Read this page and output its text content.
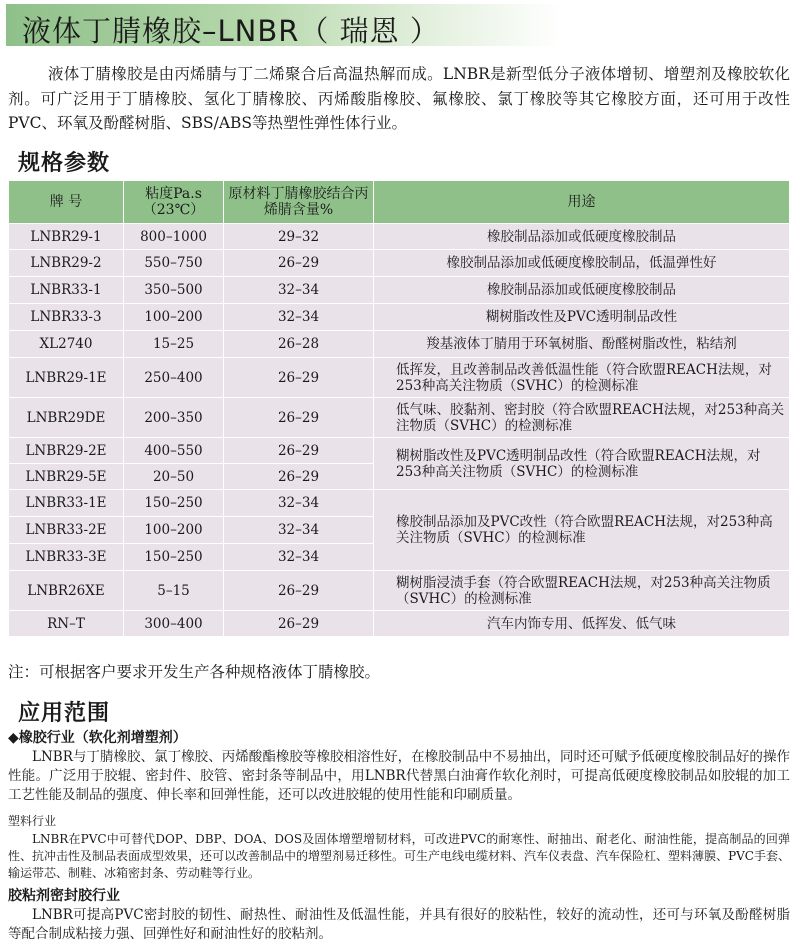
液体丁腈橡胶–LNBR（ 瑞恩 ）

液体丁腈橡胶是由丙烯腈与丁二烯聚合后高温热解而成。LNBR是新型低分子液体增韧、增塑剂及橡胶软化剂。可广泛用于丁腈橡胶、氢化丁腈橡胶、丙烯酸脂橡胶、氟橡胶、氯丁橡胶等其它橡胶方面，还可用于改性PVC、环氧及酚醛树脂、SBS/ABS等热塑性弹性体行业。

规格参数
牌 号	粘度Pa.s（23℃）	原材料丁腈橡胶结合丙烯腈含量%	用途
LNBR29-1	800–1000	29–32	橡胶制品添加或低硬度橡胶制品
LNBR29-2	550–750	26–29	橡胶制品添加或低硬度橡胶制品，低温弹性好
LNBR33-1	350–500	32–34	橡胶制品添加或低硬度橡胶制品
LNBR33-3	100–200	32–34	糊树脂改性及PVC透明制品改性
XL2740	15–25	26–28	羧基液体丁腈用于环氧树脂、酚醛树脂改性，粘结剂
LNBR29-1E	250–400	26–29	低挥发，且改善制品改善低温性能（符合欧盟REACH法规，对253种高关注物质（SVHC）的检测标准
LNBR29DE	200–350	26–29	低气味、胶黏剂、密封胶（符合欧盟REACH法规，对253种高关注物质（SVHC）的检测标准
LNBR29-2E	400–550	26–29	糊树脂改性及PVC透明制品改性（符合欧盟REACH法规，对253种高关注物质（SVHC）的检测标准
LNBR29-5E	20–50	26–29	
LNBR33-1E	150–250	32–34	橡胶制品添加及PVC改性（符合欧盟REACH法规，对253种高关注物质（SVHC）的检测标准
LNBR33-2E	100–200	32–34	
LNBR33-3E	150–250	32–34	
LNBR26XE	5–15	26–29	糊树脂浸渍手套（符合欧盟REACH法规，对253种高关注物质（SVHC）的检测标准
RN–T	300–400	26–29	汽车内饰专用、低挥发、低气味
注：可根据客户要求开发生产各种规格液体丁腈橡胶。
应用范围

◆橡胶行业（软化剂增塑剂）

LNBR与丁腈橡胶、氯丁橡胶、丙烯酸酯橡胶等橡胶相溶性好，在橡胶制品中不易抽出，同时还可赋予低硬度橡胶制品好的操作性能。广泛用于胶辊、密封件、胶管、密封条等制品中，用LNBR代替黑白油膏作软化剂时，可提高低硬度橡胶制品如胶辊的加工工艺性能及制品的强度、伸长率和回弹性能，还可以改进胶辊的使用性能和印刷质量。

塑料行业

LNBR在PVC中可替代DOP、DBP、DOA、DOS及固体增塑增韧材料，可改进PVC的耐寒性、耐抽出、耐老化、耐油性能，提高制品的回弹性、抗冲击性及制品表面成型效果，还可以改善制品中的增塑剂易迁移性。可生产电线电缆材料、汽车仪表盘、汽车保险杠、塑料薄膜、PVC手套、输运带芯、制鞋、冰箱密封条、劳动鞋等行业。

胶粘剂密封胶行业

LNBR可提高PVC密封胶的韧性、耐热性、耐油性及低温性能，并具有很好的胶粘性，较好的流动性，还可与环氧及酚醛树脂等配合制成粘接力强、回弹性好和耐油性好的胶粘剂。
